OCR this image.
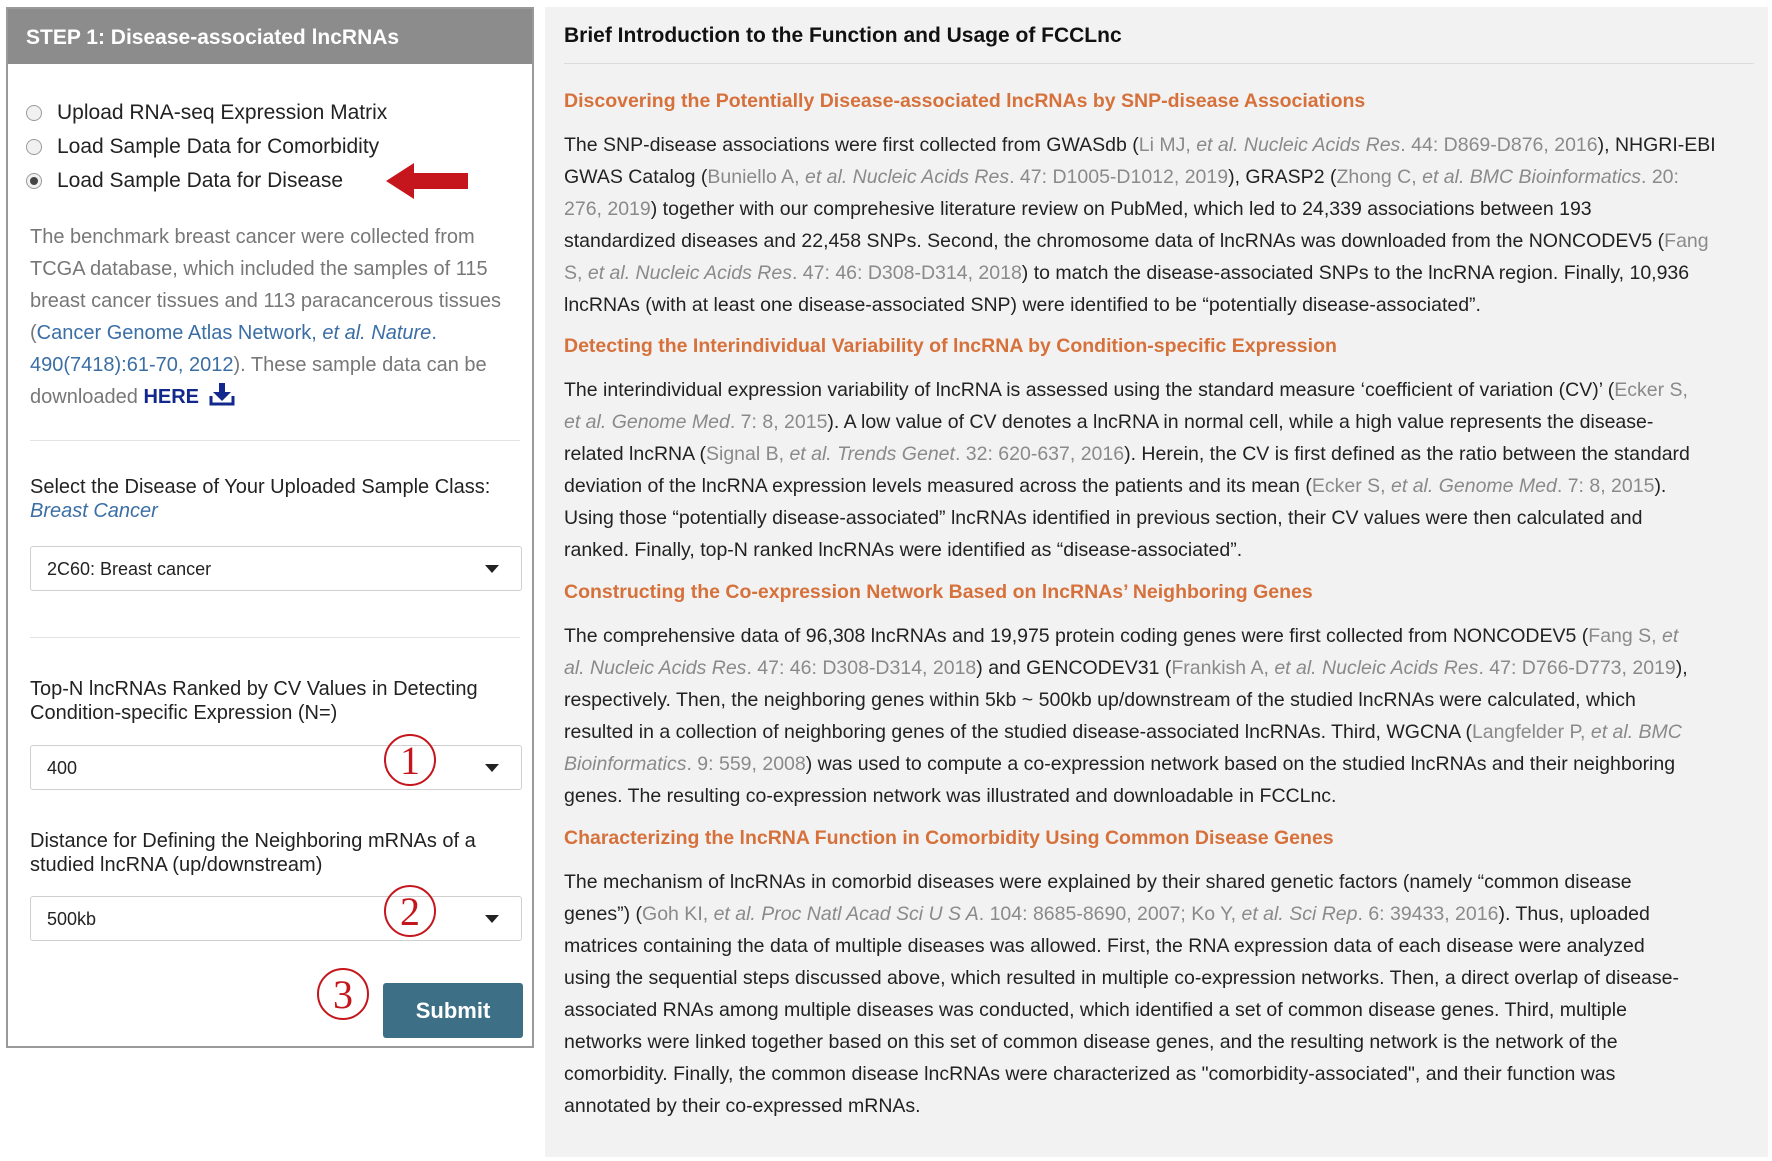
STEP 1: Disease-associated lncRNAs
Upload RNA-seq Expression Matrix
Load Sample Data for Comorbidity
Load Sample Data for Disease
The benchmark breast cancer were collected from TCGA database, which included the samples of 115 breast cancer tissues and 113 paracancerous tissues (Cancer Genome Atlas Network, et al. Nature. 490(7418):61-70, 2012). These sample data can be downloaded HERE
Select the Disease of Your Uploaded Sample Class:
Breast Cancer
2C60: Breast cancer
Top-N lncRNAs Ranked by CV Values in Detecting Condition-specific Expression (N=)
400	1
Distance for Defining the Neighboring mRNAs of a studied lncRNA (up/downstream)
500kb	2
3	Submit
Brief Introduction to the Function and Usage of FCCLnc
Discovering the Potentially Disease-associated lncRNAs by SNP-disease Associations
The SNP-disease associations were first collected from GWASdb (Li MJ, et al. Nucleic Acids Res. 44: D869-D876, 2016), NHGRI-EBI
GWAS Catalog (Buniello A, et al. Nucleic Acids Res. 47: D1005-D1012, 2019), GRASP2 (Zhong C, et al. BMC Bioinformatics. 20:
276, 2019) together with our comprehesive literature review on PubMed, which led to 24,339 associations between 193
standardized diseases and 22,458 SNPs. Second, the chromosome data of lncRNAs was downloaded from the NONCODEV5 (Fang
S, et al. Nucleic Acids Res. 47: 46: D308-D314, 2018) to match the disease-associated SNPs to the lncRNA region. Finally, 10,936
lncRNAs (with at least one disease-associated SNP) were identified to be “potentially disease-associated”.
Detecting the Interindividual Variability of lncRNA by Condition-specific Expression
The interindividual expression variability of lncRNA is assessed using the standard measure ‘coefficient of variation (CV)’ (Ecker S,
et al. Genome Med. 7: 8, 2015). A low value of CV denotes a lncRNA in normal cell, while a high value represents the disease-
related lncRNA (Signal B, et al. Trends Genet. 32: 620-637, 2016). Herein, the CV is first defined as the ratio between the standard
deviation of the lncRNA expression levels measured across the patients and its mean (Ecker S, et al. Genome Med. 7: 8, 2015).
Using those “potentially disease-associated” lncRNAs identified in previous section, their CV values were then calculated and
ranked. Finally, top-N ranked lncRNAs were identified as “disease-associated”.
Constructing the Co-expression Network Based on lncRNAs’ Neighboring Genes
The comprehensive data of 96,308 lncRNAs and 19,975 protein coding genes were first collected from NONCODEV5 (Fang S, et
al. Nucleic Acids Res. 47: 46: D308-D314, 2018) and GENCODEV31 (Frankish A, et al. Nucleic Acids Res. 47: D766-D773, 2019),
respectively. Then, the neighboring genes within 5kb ~ 500kb up/downstream of the studied lncRNAs were calculated, which
resulted in a collection of neighboring genes of the studied disease-associated lncRNAs. Third, WGCNA (Langfelder P, et al. BMC
Bioinformatics. 9: 559, 2008) was used to compute a co-expression network based on the studied lncRNAs and their neighboring
genes. The resulting co-expression network was illustrated and downloadable in FCCLnc.
Characterizing the lncRNA Function in Comorbidity Using Common Disease Genes
The mechanism of lncRNAs in comorbid diseases were explained by their shared genetic factors (namely “common disease
genes”) (Goh KI, et al. Proc Natl Acad Sci U S A. 104: 8685-8690, 2007; Ko Y, et al. Sci Rep. 6: 39433, 2016). Thus, uploaded
matrices containing the data of multiple diseases was allowed. First, the RNA expression data of each disease were analyzed
using the sequential steps discussed above, which resulted in multiple co-expression networks. Then, a direct overlap of disease-
associated RNAs among multiple diseases was conducted, which identified a set of common disease genes. Third, multiple
networks were linked together based on this set of common disease genes, and the resulting network is the network of the
comorbidity. Finally, the common disease lncRNAs were characterized as "comorbidity-associated", and their function was
annotated by their co-expressed mRNAs.
